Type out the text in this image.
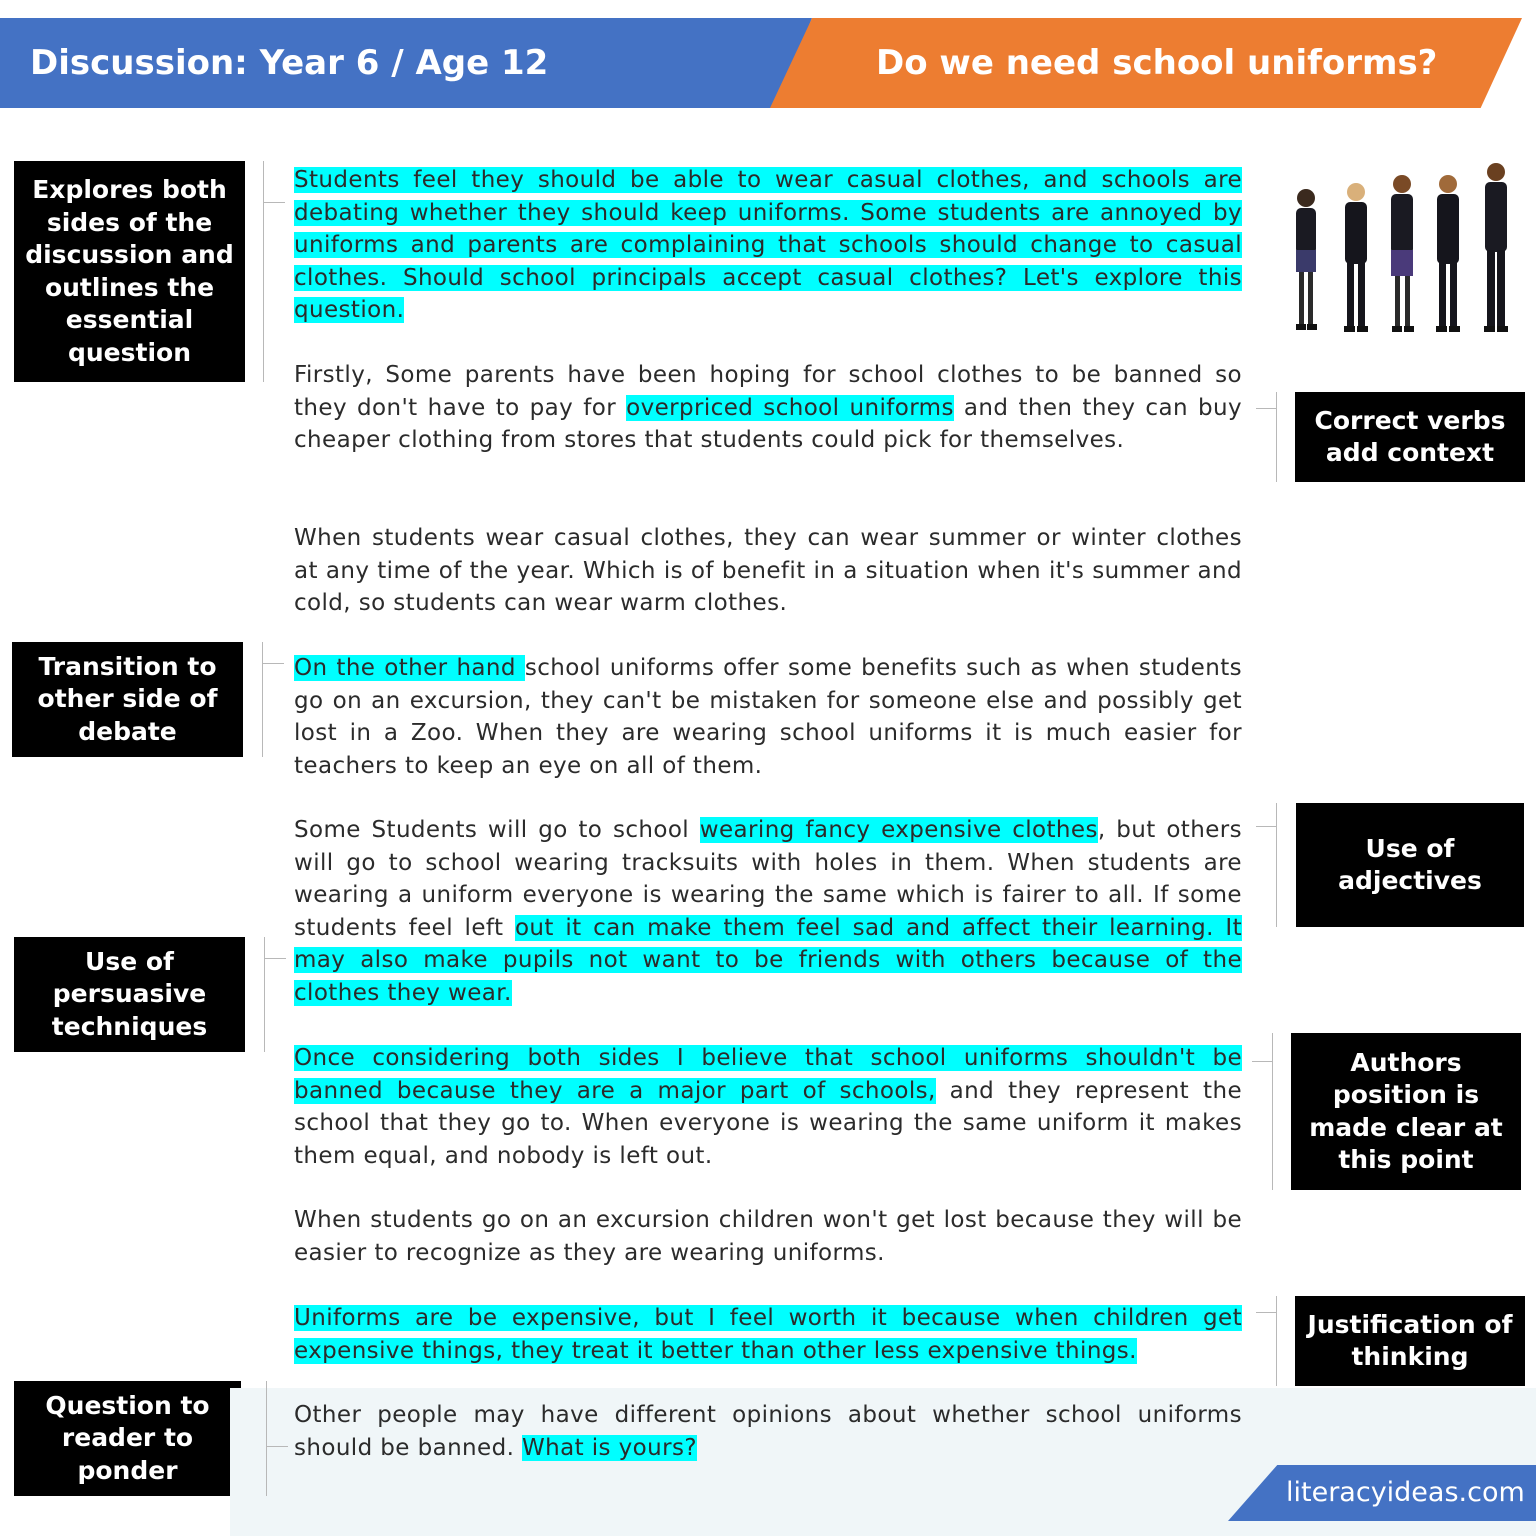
Discussion: Year 6 / Age 12	Do we need school uniforms?
Explores both sides of the discussion and outlines the essential question
Transition to other side of debate
Use of persuasive techniques
Question to reader to ponder
Correct verbs add context
Use of adjectives
Authors position is made clear at this point
Justification of thinking

Students feel they should be able to wear casual clothes, and schools are debating whether they should keep uniforms. Some students are annoyed by uniforms and parents are complaining that schools should change to casual clothes. Should school principals accept casual clothes? Let's explore this question.

Firstly, Some parents have been hoping for school clothes to be banned so they don't have to pay for overpriced school uniforms and then they can buy cheaper clothing from stores that students could pick for themselves.

When students wear casual clothes, they can wear summer or winter clothes at any time of the year. Which is of benefit in a situation when it's summer and cold, so students can wear warm clothes.

On the other hand school uniforms offer some benefits such as when students go on an excursion, they can't be mistaken for someone else and possibly get lost in a Zoo. When they are wearing school uniforms it is much easier for teachers to keep an eye on all of them.

Some Students will go to school wearing fancy expensive clothes, but others will go to school wearing tracksuits with holes in them. When students are wearing a uniform everyone is wearing the same which is fairer to all. If some students feel left out it can make them feel sad and affect their learning. It may also make pupils not want to be friends with others because of the clothes they wear.

Once considering both sides I believe that school uniforms shouldn't be banned because they are a major part of schools, and they represent the school that they go to. When everyone is wearing the same uniform it makes them equal, and nobody is left out.

When students go on an excursion children won't get lost because they will be easier to recognize as they are wearing uniforms.

Uniforms are be expensive, but I feel worth it because when children get expensive things, they treat it better than other less expensive things.

Other people may have different opinions about whether school uniforms should be banned. What is yours?

literacyideas.com
